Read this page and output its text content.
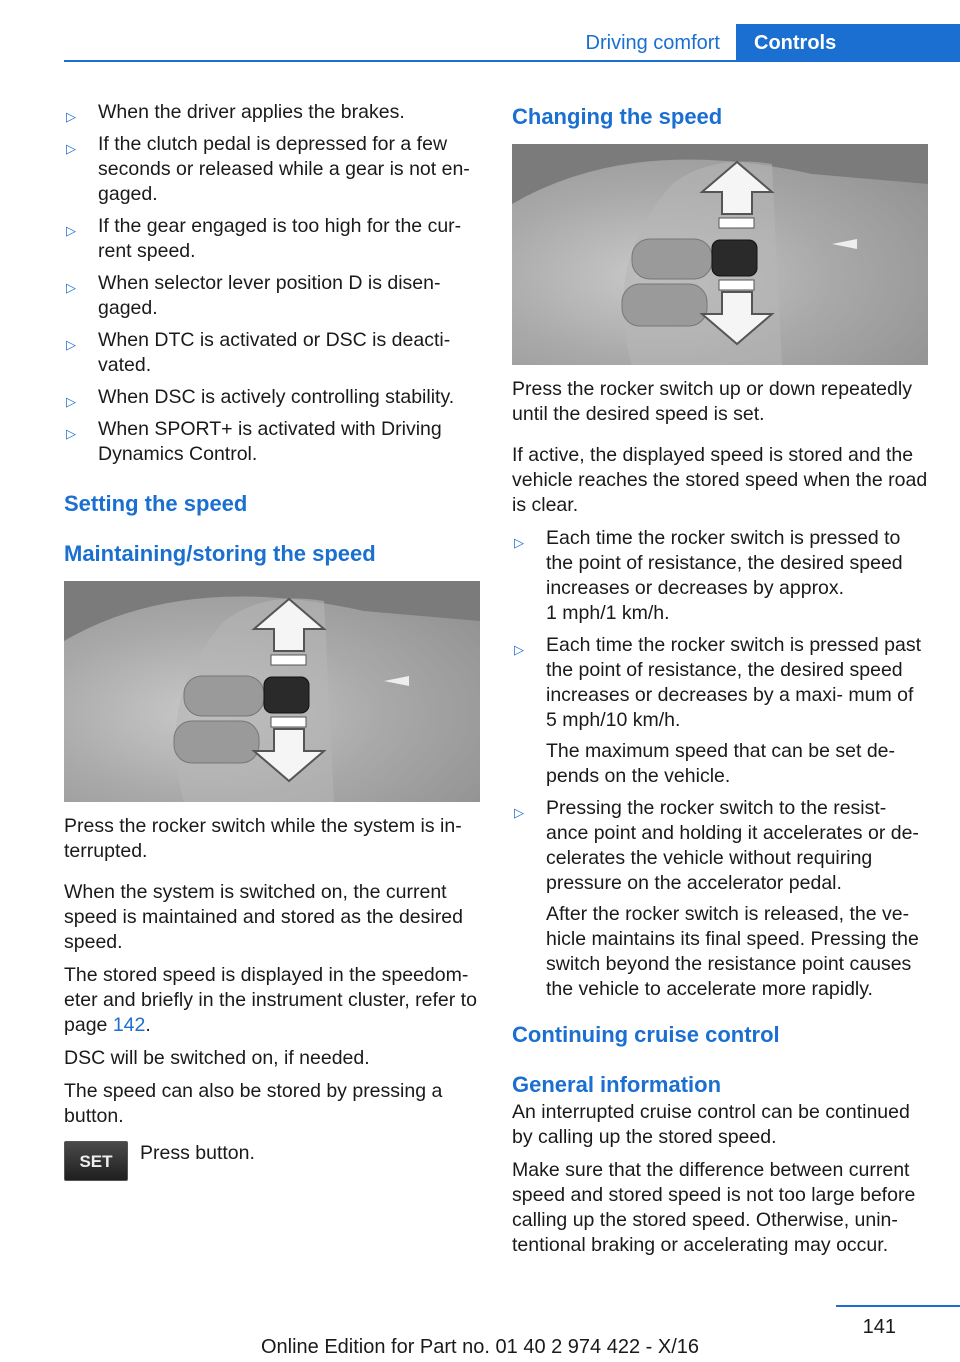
Driving comfort	Controls
▷ When the driver applies the brakes.
▷ If the clutch pedal is depressed for a few seconds or released while a gear is not en‐ gaged.
▷ If the gear engaged is too high for the cur‐ rent speed.
▷ When selector lever position D is disen‐ gaged.
▷ When DTC is activated or DSC is deacti‐ vated.
▷ When DSC is actively controlling stability.
▷ When SPORT+ is activated with Driving Dynamics Control.
Setting the speed
Maintaining/storing the speed

Press the rocker switch while the system is in‐ terrupted.

When the system is switched on, the current speed is maintained and stored as the desired speed.

The stored speed is displayed in the speedom‐ eter and briefly in the instrument cluster, refer to page 142.

DSC will be switched on, if needed.

The speed can also be stored by pressing a button.

SET	Press button.
Changing the speed

Press the rocker switch up or down repeatedly until the desired speed is set.

If active, the displayed speed is stored and the vehicle reaches the stored speed when the road is clear.

▷ Each time the rocker switch is pressed to the point of resistance, the desired speed increases or decreases by approx.
1 mph/1 km/h.
▷ Each time the rocker switch is pressed past the point of resistance, the desired speed increases or decreases by a maxi‐ mum of 5 mph/10 km/h.

The maximum speed that can be set de‐ pends on the vehicle.

▷ Pressing the rocker switch to the resist‐ ance point and holding it accelerates or de‐ celerates the vehicle without requiring pressure on the accelerator pedal.

After the rocker switch is released, the ve‐ hicle maintains its final speed. Pressing the switch beyond the resistance point causes the vehicle to accelerate more rapidly.

Continuing cruise control
General information

An interrupted cruise control can be continued by calling up the stored speed.

Make sure that the difference between current speed and stored speed is not too large before calling up the stored speed. Otherwise, unin‐ tentional braking or accelerating may occur.

141
Online Edition for Part no. 01 40 2 974 422 - X/16
